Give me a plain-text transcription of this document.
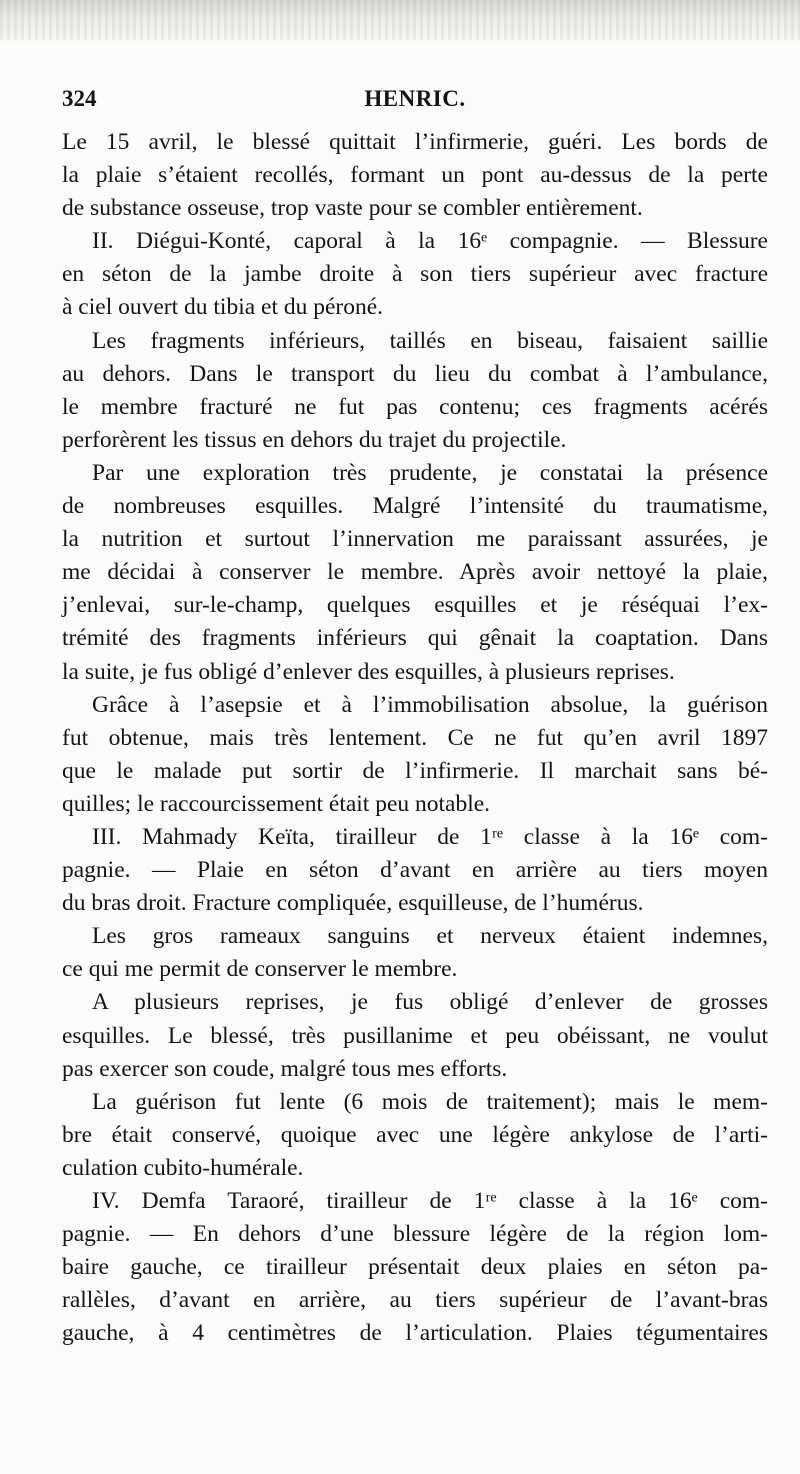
324	HENRIC.
Le 15 avril, le blessé quittait l’infirmerie, guéri. Les bords de
la plaie s’étaient recollés, formant un pont au-dessus de la perte
de substance osseuse, trop vaste pour se combler entièrement.
II. Diégui-Konté, caporal à la 16ᵉ compagnie. — Blessure
en séton de la jambe droite à son tiers supérieur avec fracture
à ciel ouvert du tibia et du péroné.
Les fragments inférieurs, taillés en biseau, faisaient saillie
au dehors. Dans le transport du lieu du combat à l’ambulance,
le membre fracturé ne fut pas contenu; ces fragments acérés
perforèrent les tissus en dehors du trajet du projectile.
Par une exploration très prudente, je constatai la présence
de nombreuses esquilles. Malgré l’intensité du traumatisme,
la nutrition et surtout l’innervation me paraissant assurées, je
me décidai à conserver le membre. Après avoir nettoyé la plaie,
j’enlevai, sur-le-champ, quelques esquilles et je réséquai l’ex-
trémité des fragments inférieurs qui gênait la coaptation. Dans
la suite, je fus obligé d’enlever des esquilles, à plusieurs reprises.
Grâce à l’asepsie et à l’immobilisation absolue, la guérison
fut obtenue, mais très lentement. Ce ne fut qu’en avril 1897
que le malade put sortir de l’infirmerie. Il marchait sans bé-
quilles; le raccourcissement était peu notable.
III. Mahmady Keïta, tirailleur de 1ʳᵉ classe à la 16ᵉ com-
pagnie. — Plaie en séton d’avant en arrière au tiers moyen
du bras droit. Fracture compliquée, esquilleuse, de l’humérus.
Les gros rameaux sanguins et nerveux étaient indemnes,
ce qui me permit de conserver le membre.
A plusieurs reprises, je fus obligé d’enlever de grosses
esquilles. Le blessé, très pusillanime et peu obéissant, ne voulut
pas exercer son coude, malgré tous mes efforts.
La guérison fut lente (6 mois de traitement); mais le mem-
bre était conservé, quoique avec une légère ankylose de l’arti-
culation cubito-humérale.
IV. Demfa Taraoré, tirailleur de 1ʳᵉ classe à la 16ᵉ com-
pagnie. — En dehors d’une blessure légère de la région lom-
baire gauche, ce tirailleur présentait deux plaies en séton pa-
rallèles, d’avant en arrière, au tiers supérieur de l’avant-bras
gauche, à 4 centimètres de l’articulation. Plaies tégumentaires
